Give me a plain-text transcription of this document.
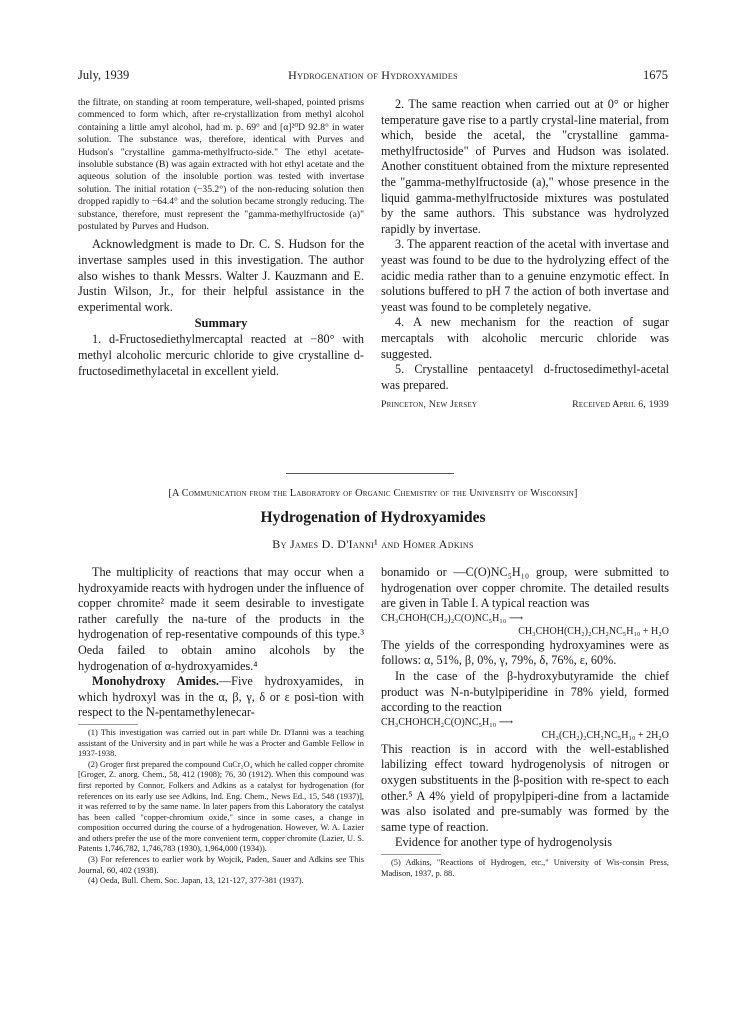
July, 1939	Hydrogenation of Hydroxyamides	1675

the filtrate, on standing at room temperature, well-shaped, pointed prisms commenced to form which, after re-crystallization from methyl alcohol containing a little amyl alcohol, had m. p. 69° and [α]²⁰D 92.8° in water solution. The substance was, therefore, identical with Purves and Hudson's "crystalline gamma-methylfructo-side." The ethyl acetate-insoluble substance (B) was again extracted with hot ethyl acetate and the aqueous solution of the insoluble portion was tested with invertase solution. The initial rotation (−35.2°) of the non-reducing solution then dropped rapidly to −64.4° and the solution became strongly reducing. The substance, therefore, must represent the "gamma-methylfructoside (a)" postulated by Purves and Hudson.

Acknowledgment is made to Dr. C. S. Hudson for the invertase samples used in this investigation. The author also wishes to thank Messrs. Walter J. Kauzmann and E. Justin Wilson, Jr., for their helpful assistance in the experimental work.

Summary

1. d-Fructosediethylmercaptal reacted at −80° with methyl alcoholic mercuric chloride to give crystalline d-fructosedimethylacetal in excellent yield.

2. The same reaction when carried out at 0° or higher temperature gave rise to a partly crystal-line material, from which, beside the acetal, the "crystalline gamma-methylfructoside" of Purves and Hudson was isolated. Another constituent obtained from the mixture represented the "gamma-methylfructoside (a)," whose presence in the liquid gamma-methylfructoside mixtures was postulated by the same authors. This substance was hydrolyzed rapidly by invertase.

3. The apparent reaction of the acetal with invertase and yeast was found to be due to the hydrolyzing effect of the acidic media rather than to a genuine enzymotic effect. In solutions buffered to pH 7 the action of both invertase and yeast was found to be completely negative.

4. A new mechanism for the reaction of sugar mercaptals with alcoholic mercuric chloride was suggested.

5. Crystalline pentaacetyl d-fructosedimethyl-acetal was prepared.

Princeton, New Jersey	Received April 6, 1939
[A Communication from the Laboratory of Organic Chemistry of the University of Wisconsin]
Hydrogenation of Hydroxyamides
By James D. D'Ianni¹ and Homer Adkins

The multiplicity of reactions that may occur when a hydroxyamide reacts with hydrogen under the influence of copper chromite² made it seem desirable to investigate rather carefully the na-ture of the products in the hydrogenation of rep-resentative compounds of this type.³ Oeda failed to obtain amino alcohols by the hydrogenation of α-hydroxyamides.⁴

Monohydroxy Amides.—Five hydroxyamides, in which hydroxyl was in the α, β, γ, δ or ε posi-tion with respect to the N-pentamethylenecar-

(1) This investigation was carried out in part while Dr. D'Ianni was a teaching assistant of the University and in part while he was a Procter and Gamble Fellow in 1937-1938.

(2) Groger first prepared the compound CuCr₂O₄ which he called copper chromite [Groger, Z. anorg. Chem., 58, 412 (1908); 76, 30 (1912). When this compound was first reported by Connor, Folkers and Adkins as a catalyst for hydrogenation (for references on its early use see Adkins, Ind. Eng. Chem., News Ed., 15, 548 (1937)], it was referred to by the same name. In later papers from this Laboratory the catalyst has been called "copper-chromium oxide," since in some cases, a change in composition occurred during the course of a hydrogenation. However, W. A. Lazier and others prefer the use of the more convenient term, copper chromite (Lazier, U. S. Patents 1,746,782, 1,746,783 (1930), 1,964,000 (1934)).

(3) For references to earlier work by Wojcik, Paden, Sauer and Adkins see This Journal, 60, 402 (1938).

(4) Oeda, Bull. Chem. Soc. Japan, 13, 121-127, 377-381 (1937).

bonamido or —C(O)NC₅H₁₀ group, were submitted to hydrogenation over copper chromite. The detailed results are given in Table I. A typical reaction was

CH₃CHOH(CH₂)₂C(O)NC₅H₁₀ ⟶

CH₃CHOH(CH₂)₂CH₂NC₅H₁₀ + H₂O

The yields of the corresponding hydroxyamines were as follows: α, 51%, β, 0%, γ, 79%, δ, 76%, ε, 60%.

In the case of the β-hydroxybutyramide the chief product was N-n-butylpiperidine in 78% yield, formed according to the reaction

CH₃CHOHCH₂C(O)NC₅H₁₀ ⟶

CH₃(CH₂)₂CH₂NC₅H₁₀ + 2H₂O

This reaction is in accord with the well-established labilizing effect toward hydrogenolysis of nitrogen or oxygen substituents in the β-position with re-spect to each other.⁵ A 4% yield of propylpiperi-dine from a lactamide was also isolated and pre-sumably was formed by the same type of reaction.

Evidence for another type of hydrogenolysis

(5) Adkins, "Reactions of Hydrogen, etc.," University of Wis-consin Press, Madison, 1937, p. 88.
